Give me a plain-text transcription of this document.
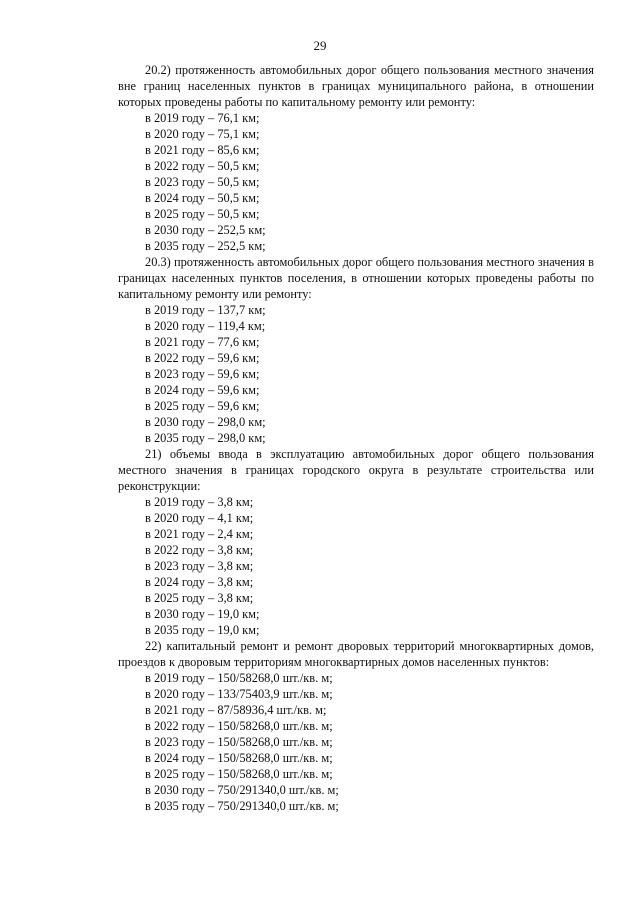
29

20.2) протяженность автомобильных дорог общего пользования местного значения вне границ населенных пунктов в границах муниципального района, в отношении которых проведены работы по капитальному ремонту или ремонту:

в 2019 году – 76,1 км;
в 2020 году – 75,1 км;
в 2021 году – 85,6 км;
в 2022 году – 50,5 км;
в 2023 году – 50,5 км;
в 2024 году – 50,5 км;
в 2025 году – 50,5 км;
в 2030 году – 252,5 км;
в 2035 году – 252,5 км;

20.3) протяженность автомобильных дорог общего пользования местного значения в границах населенных пунктов поселения, в отношении которых проведены работы по капитальному ремонту или ремонту:

в 2019 году – 137,7 км;
в 2020 году – 119,4 км;
в 2021 году – 77,6 км;
в 2022 году – 59,6 км;
в 2023 году – 59,6 км;
в 2024 году – 59,6 км;
в 2025 году – 59,6 км;
в 2030 году – 298,0 км;
в 2035 году – 298,0 км;

21) объемы ввода в эксплуатацию автомобильных дорог общего пользования местного значения в границах городского округа в результате строительства или реконструкции:

в 2019 году – 3,8 км;
в 2020 году – 4,1 км;
в 2021 году – 2,4 км;
в 2022 году – 3,8 км;
в 2023 году – 3,8 км;
в 2024 году – 3,8 км;
в 2025 году – 3,8 км;
в 2030 году – 19,0 км;
в 2035 году – 19,0 км;

22) капитальный ремонт и ремонт дворовых территорий многоквартирных домов, проездов к дворовым территориям многоквартирных домов населенных пунктов:

в 2019 году – 150/58268,0 шт./кв. м;
в 2020 году – 133/75403,9 шт./кв. м;
в 2021 году – 87/58936,4 шт./кв. м;
в 2022 году – 150/58268,0 шт./кв. м;
в 2023 году – 150/58268,0 шт./кв. м;
в 2024 году – 150/58268,0 шт./кв. м;
в 2025 году – 150/58268,0 шт./кв. м;
в 2030 году – 750/291340,0 шт./кв. м;
в 2035 году – 750/291340,0 шт./кв. м;
